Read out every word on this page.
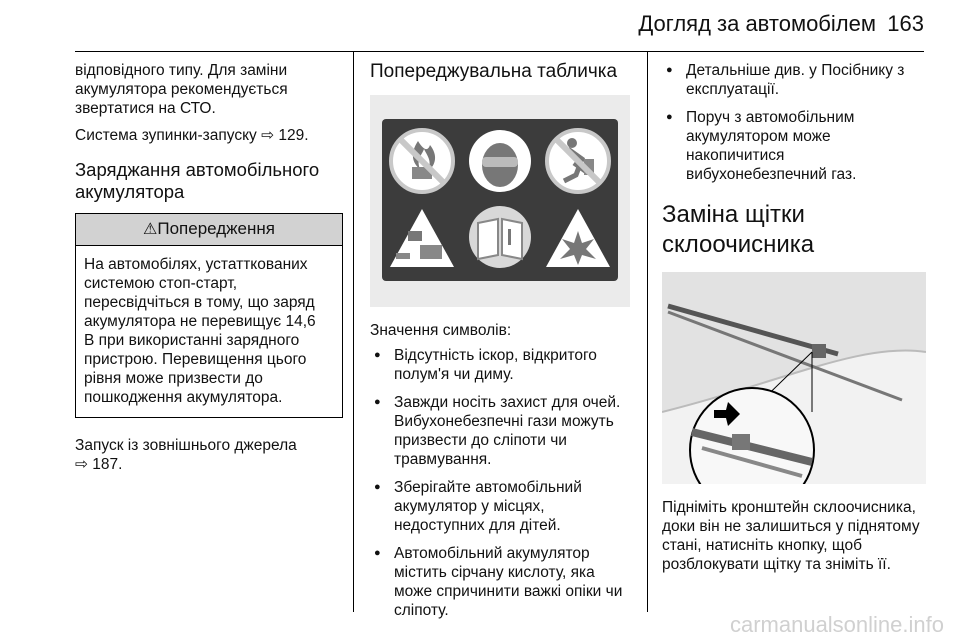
Догляд за автомобілем 163

відповідного типу. Для заміни
акумулятора рекомендується
звертатися на СТО.

Система зупинки-запуску ⇨ 129.

Заряджання автомобільного
акумулятора
⚠Попередження
На автомобілях, устатткованих
системою стоп-старт,
пересвідчіться в тому, що заряд
акумулятора не перевищує 14,6
В при використанні зарядного
пристрою. Перевищення цього
рівня може призвести до
пошкодження акумулятора.

Запуск із зовнішнього джерела
⇨ 187.

Попереджувальна табличка

Значення символів:

● Відсутність іскор, відкритого
полум'я чи диму.
● Завжди носіть захист для очей.
Вибухонебезпечні гази можуть
призвести до сліпоти чи
травмування.
● Зберігайте автомобільний
акумулятор у місцях,
недоступних для дітей.
● Автомобільний акумулятор
містить сірчану кислоту, яка
може спричинити важкі опіки чи
сліпоту.
● Детальніше див. у Посібнику з
експлуатації.
● Поруч з автомобільним
акумулятором може
накопичитися
вибухонебезпечний газ.
Заміна щітки
склоочисника

Підніміть кронштейн склоочисника,
доки він не залишиться у піднятому
стані, натисніть кнопку, щоб
розблокувати щітку та зніміть її.

carmanualsonline.info
